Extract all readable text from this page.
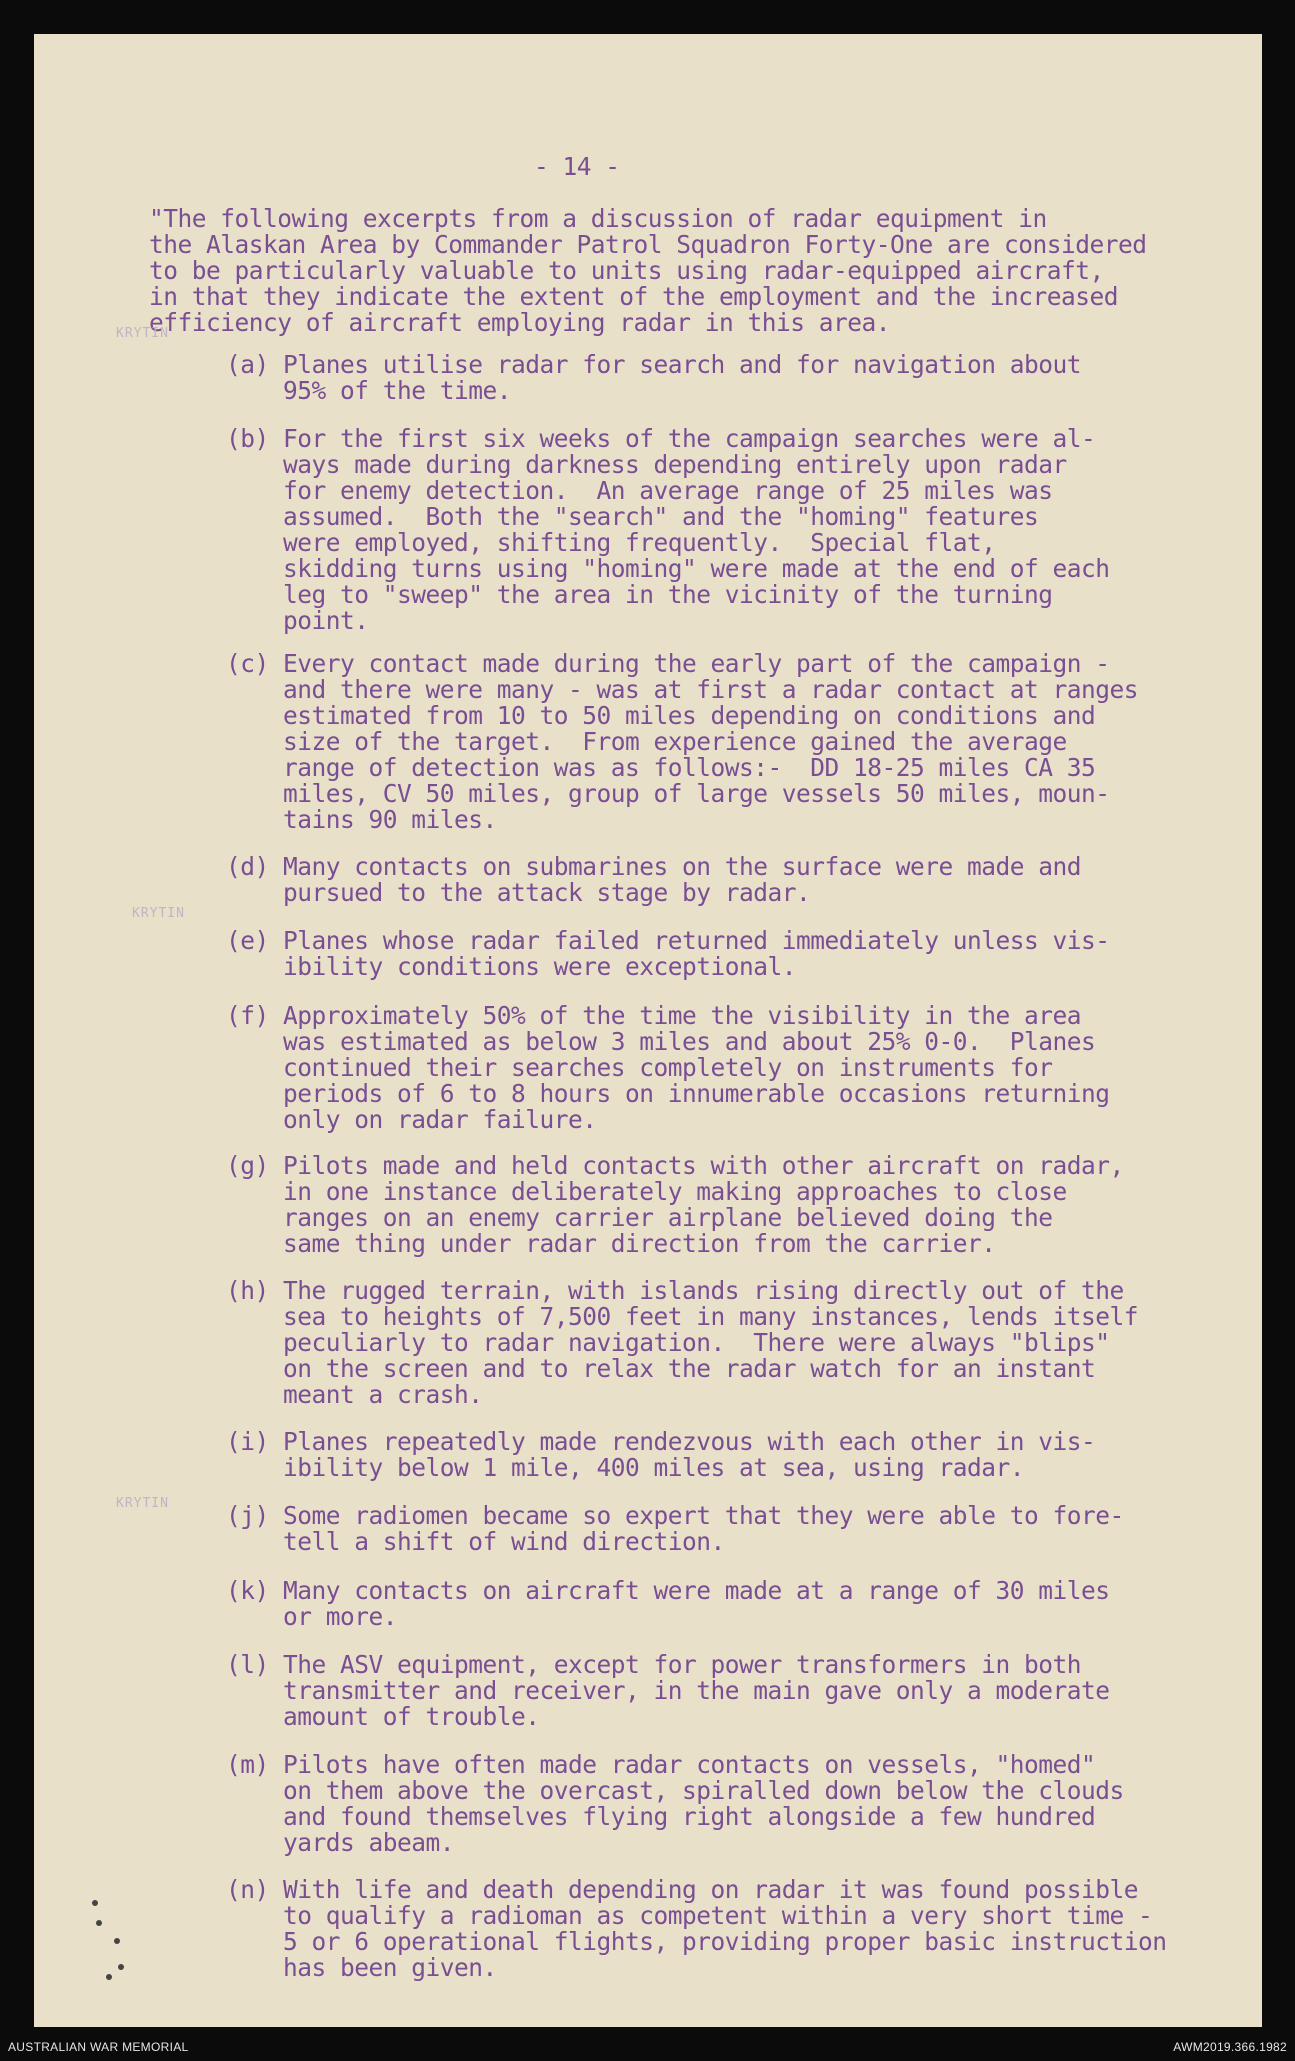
- 14 -

"The following excerpts from a discussion of radar equipment in
the Alaskan Area by Commander Patrol Squadron Forty-One are considered
to be particularly valuable to units using radar-equipped aircraft,
in that they indicate the extent of the employment and the increased
efficiency of aircraft employing radar in this area.

(a) Planes utilise radar for search and for navigation about
95% of the time.

(b) For the first six weeks of the campaign searches were al-
ways made during darkness depending entirely upon radar
for enemy detection.  An average range of 25 miles was
assumed.  Both the "search" and the "homing" features
were employed, shifting frequently.  Special flat,
skidding turns using "homing" were made at the end of each
leg to "sweep" the area in the vicinity of the turning
point.

(c) Every contact made during the early part of the campaign -
and there were many - was at first a radar contact at ranges
estimated from 10 to 50 miles depending on conditions and
size of the target.  From experience gained the average
range of detection was as follows:-  DD 18-25 miles CA 35
miles, CV 50 miles, group of large vessels 50 miles, moun-
tains 90 miles.

(d) Many contacts on submarines on the surface were made and
pursued to the attack stage by radar.

(e) Planes whose radar failed returned immediately unless vis-
ibility conditions were exceptional.

(f) Approximately 50% of the time the visibility in the area
was estimated as below 3 miles and about 25% 0-0.  Planes
continued their searches completely on instruments for
periods of 6 to 8 hours on innumerable occasions returning
only on radar failure.

(g) Pilots made and held contacts with other aircraft on radar,
in one instance deliberately making approaches to close
ranges on an enemy carrier airplane believed doing the
same thing under radar direction from the carrier.

(h) The rugged terrain, with islands rising directly out of the
sea to heights of 7,500 feet in many instances, lends itself
peculiarly to radar navigation.  There were always "blips"
on the screen and to relax the radar watch for an instant
meant a crash.

(i) Planes repeatedly made rendezvous with each other in vis-
ibility below 1 mile, 400 miles at sea, using radar.

(j) Some radiomen became so expert that they were able to fore-
tell a shift of wind direction.

(k) Many contacts on aircraft were made at a range of 30 miles
or more.

(l) The ASV equipment, except for power transformers in both
transmitter and receiver, in the main gave only a moderate
amount of trouble.

(m) Pilots have often made radar contacts on vessels, "homed"
on them above the overcast, spiralled down below the clouds
and found themselves flying right alongside a few hundred
yards abeam.

(n) With life and death depending on radar it was found possible
to qualify a radioman as competent within a very short time -
5 or 6 operational flights, providing proper basic instruction
has been given.

KRYTIN
KRYTIN
KRYTIN
AUSTRALIAN WAR MEMORIAL	AWM2019.366.1982
